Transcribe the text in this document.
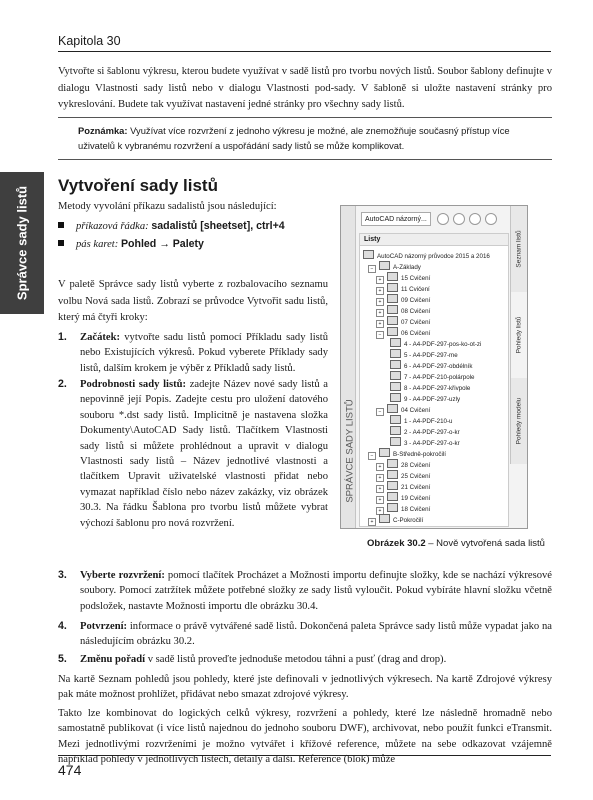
Kapitola 30
Vytvořte si šablonu výkresu, kterou budete využívat v sadě listů pro tvorbu nových listů. Soubor šablony definujte v dialogu Vlastnosti sady listů nebo v dialogu Vlastnosti pod-sady. V šabloně si uložte nastavení stránky pro vykreslování. Budete tak využívat nastavení jedné stránky pro všechny sady listů.
Poznámka: Využívat více rozvržení z jednoho výkresu je možné, ale znemožňuje současný přístup více uživatelů k vybranému rozvržení a uspořádání sady listů se může komplikovat.
Správce sady listů
Vytvoření sady listů
Metody vyvolání příkazu sadalistů jsou následující:
příkazová řádka: sadalistů [sheetset], ctrl+4
pás karet: Pohled → Palety
V paletě Správce sady listů vyberte z rozbalovacího seznamu volbu Nová sada listů. Zobrazí se průvodce Vytvořit sadu listů, který má čtyři kroky:
1. Začátek: vytvořte sadu listů pomocí Příkladu sady listů nebo Existujících výkresů. Pokud vyberete Příklady sady listů, dalším krokem je výběr z Příkladů sady listů.
2. Podrobnosti sady listů: zadejte Název nové sady listů a nepovinně její Popis. Zadejte cestu pro uložení datového souboru *.dst sady listů. Implicitně je nastavena složka Dokumenty\AutoCAD Sady listů. Tlačítkem Vlastnosti sady listů si můžete prohlédnout a upravit v dialogu Vlastnosti sady listů – Název jednotlivé vlastnosti a tlačítkem Upravit uživatelské vlastnosti přidat nebo vymazat například číslo nebo název zakázky, viz obrázek 30.3. Na řádku Šablona pro tvorbu listů můžete vybrat výchozí šablonu pro nová rozvržení.
SPRÁVCE SADY LISTŮ
AutoCAD názorný...
Listy
AutoCAD názorný průvodce 2015 a 2016
−	A-Základy
+	15 Cvičení
+	11 Cvičení
+	09 Cvičení
+	08 Cvičení
+	07 Cvičení
−	06 Cvičení
4 - A4-PDF-297-pos-ko-ot-zi
5 - A4-PDF-297-me
6 - A4-PDF-297-obdélník
7 - A4-PDF-210-polárpole
8 - A4-PDF-297-křivpole
9 - A4-PDF-297-uzly
−	04 Cvičení
1 - A4-PDF-210-u
2 - A4-PDF-297-o-kr
3 - A4-PDF-297-o-kr
−	B-Středně-pokročilí
+	28 Cvičení
+	25 Cvičení
+	21 Cvičení
+	19 Cvičení
+	18 Cvičení
+	C-Pokročilí
Seznam listů
Pohledy listů
Pohledy modelu
Obrázek 30.2 – Nově vytvořená sada listů
3. Vyberte rozvržení: pomocí tlačítek Procházet a Možnosti importu definujte složky, kde se nachází výkresové soubory. Pomocí zatržítek můžete potřebné složky ze sady listů vyloučit. Pokud vybíráte hlavní složku včetně podsložek, nastavte Možnosti importu dle obrázku 30.4.
4. Potvrzení: informace o právě vytvářené sadě listů. Dokončená paleta Správce sady listů může vypadat jako na následujícím obrázku 30.2.
5. Změnu pořadí v sadě listů proveďte jednoduše metodou táhni a pusť (drag and drop).
Na kartě Seznam pohledů jsou pohledy, které jste definovali v jednotlivých výkresech. Na kartě Zdrojové výkresy pak máte možnost prohlížet, přidávat nebo smazat zdrojové výkresy.
Takto lze kombinovat do logických celků výkresy, rozvržení a pohledy, které lze následně hromadně nebo samostatně publikovat (i více listů najednou do jednoho souboru DWF), archivovat, nebo použít funkci eTransmit. Mezi jednotlivými rozvrženími je možno vytvářet i křížové reference, můžete na sebe odkazovat vzájemně například pohledy v jednotlivých listech, detaily a další. Reference (blok) může
474
